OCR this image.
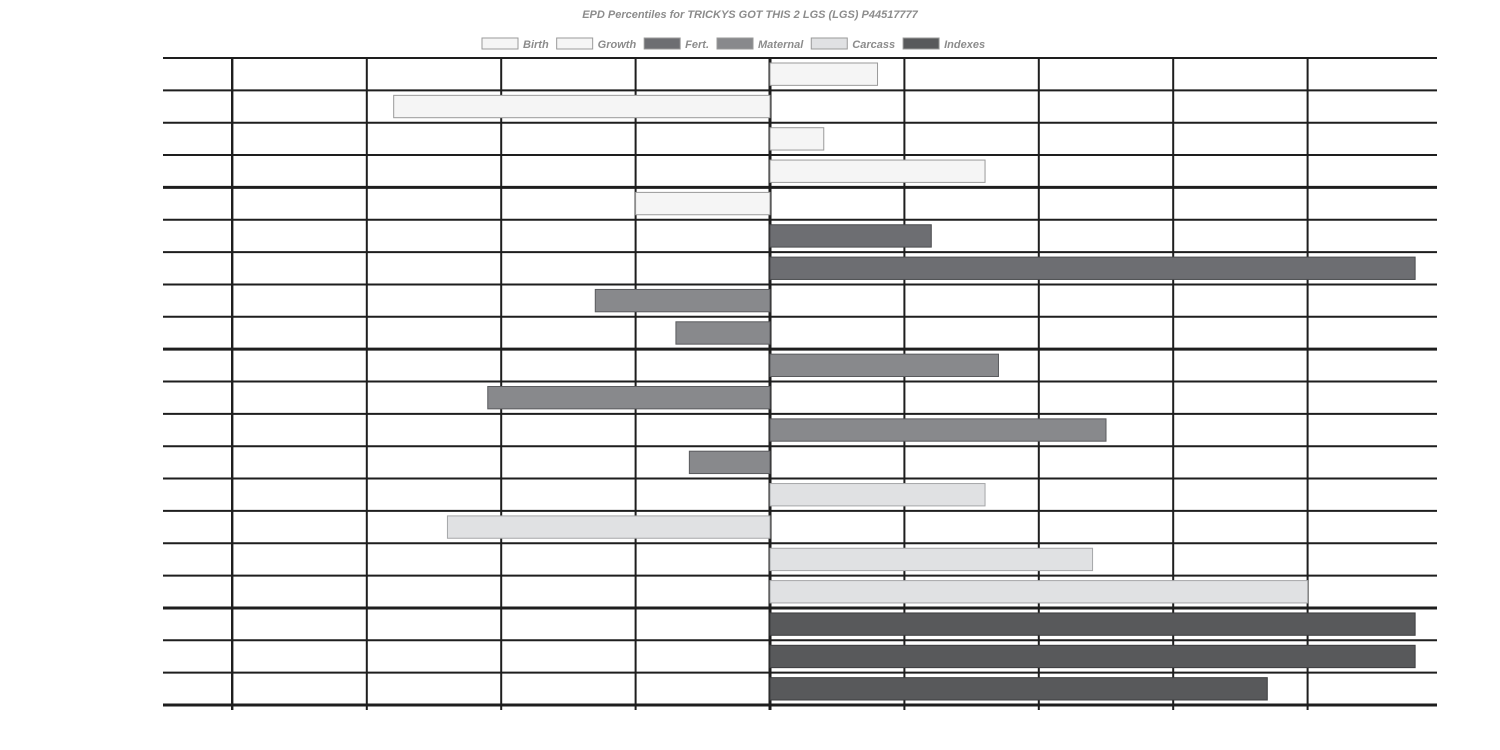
EPD Percentiles for TRICKYS GOT THIS 2 LGS (LGS) P44517777
Birth	Growth	Fert.	Maternal	Carcass	Indexes
